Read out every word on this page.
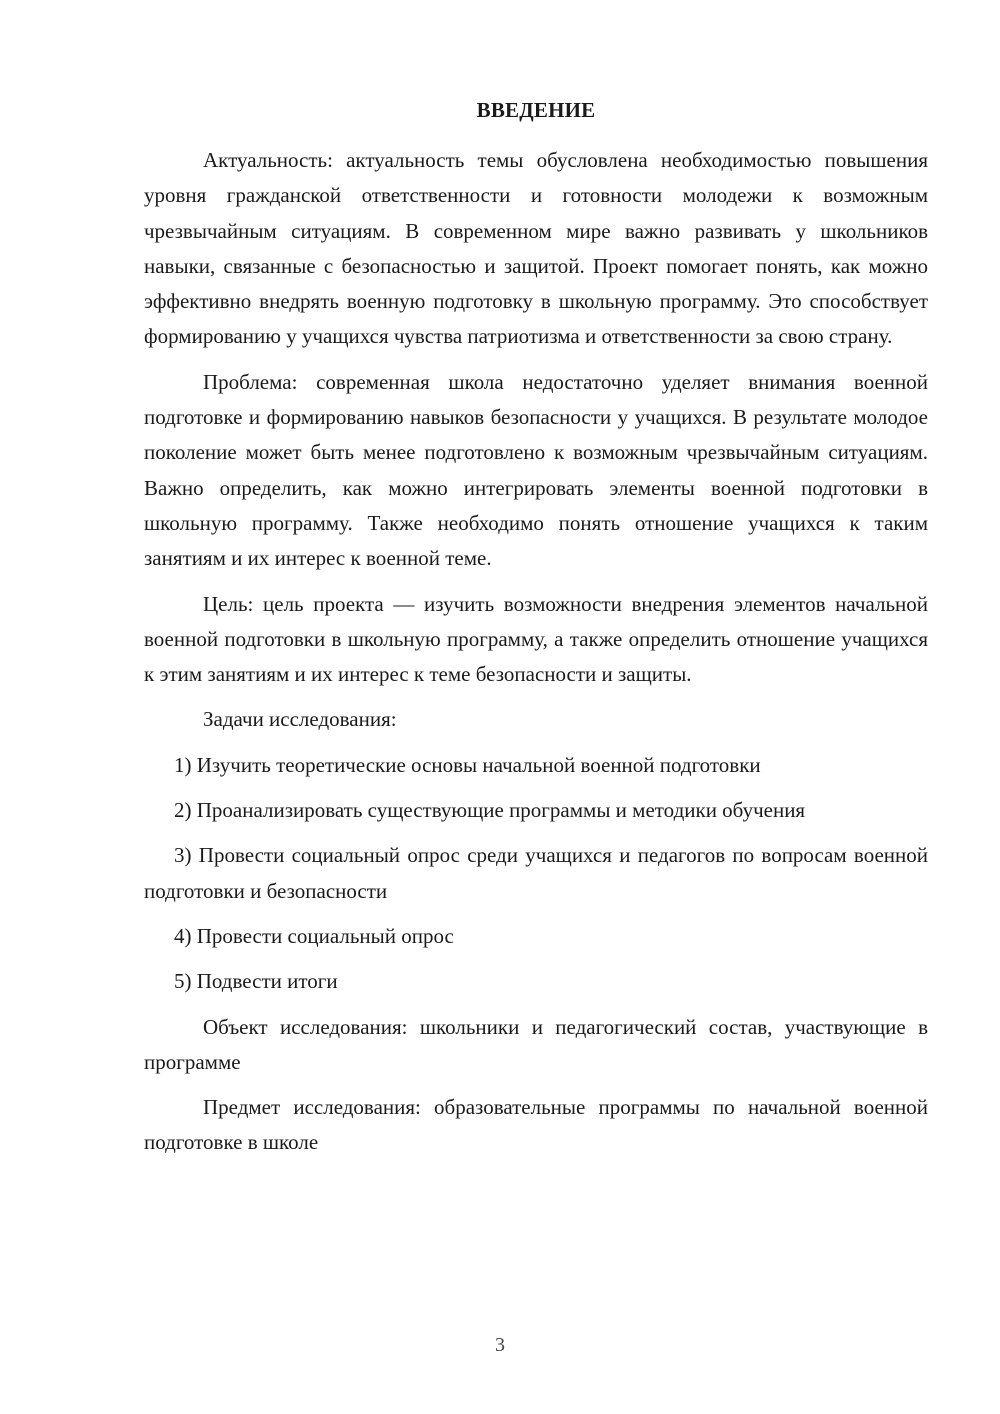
ВВЕДЕНИЕ

Актуальность: актуальность темы обусловлена необходимостью повышения уровня гражданской ответственности и готовности молодежи к возможным чрезвычайным ситуациям. В современном мире важно развивать у школьников навыки, связанные с безопасностью и защитой. Проект помогает понять, как можно эффективно внедрять военную подготовку в школьную программу. Это способствует формированию у учащихся чувства патриотизма и ответственности за свою страну.

Проблема: современная школа недостаточно уделяет внимания военной подготовке и формированию навыков безопасности у учащихся. В результате молодое поколение может быть менее подготовлено к возможным чрезвычайным ситуациям. Важно определить, как можно интегрировать элементы военной подготовки в школьную программу. Также необходимо понять отношение учащихся к таким занятиям и их интерес к военной теме.

Цель: цель проекта — изучить возможности внедрения элементов начальной военной подготовки в школьную программу, а также определить отношение учащихся к этим занятиям и их интерес к теме безопасности и защиты.

Задачи исследования:

1) Изучить теоретические основы начальной военной подготовки

2) Проанализировать существующие программы и методики обучения

3) Провести социальный опрос среди учащихся и педагогов по вопросам военной подготовки и безопасности

4) Провести социальный опрос

5) Подвести итоги

Объект исследования: школьники и педагогический состав, участвующие в программе

Предмет исследования: образовательные программы по начальной военной подготовке в школе

3
